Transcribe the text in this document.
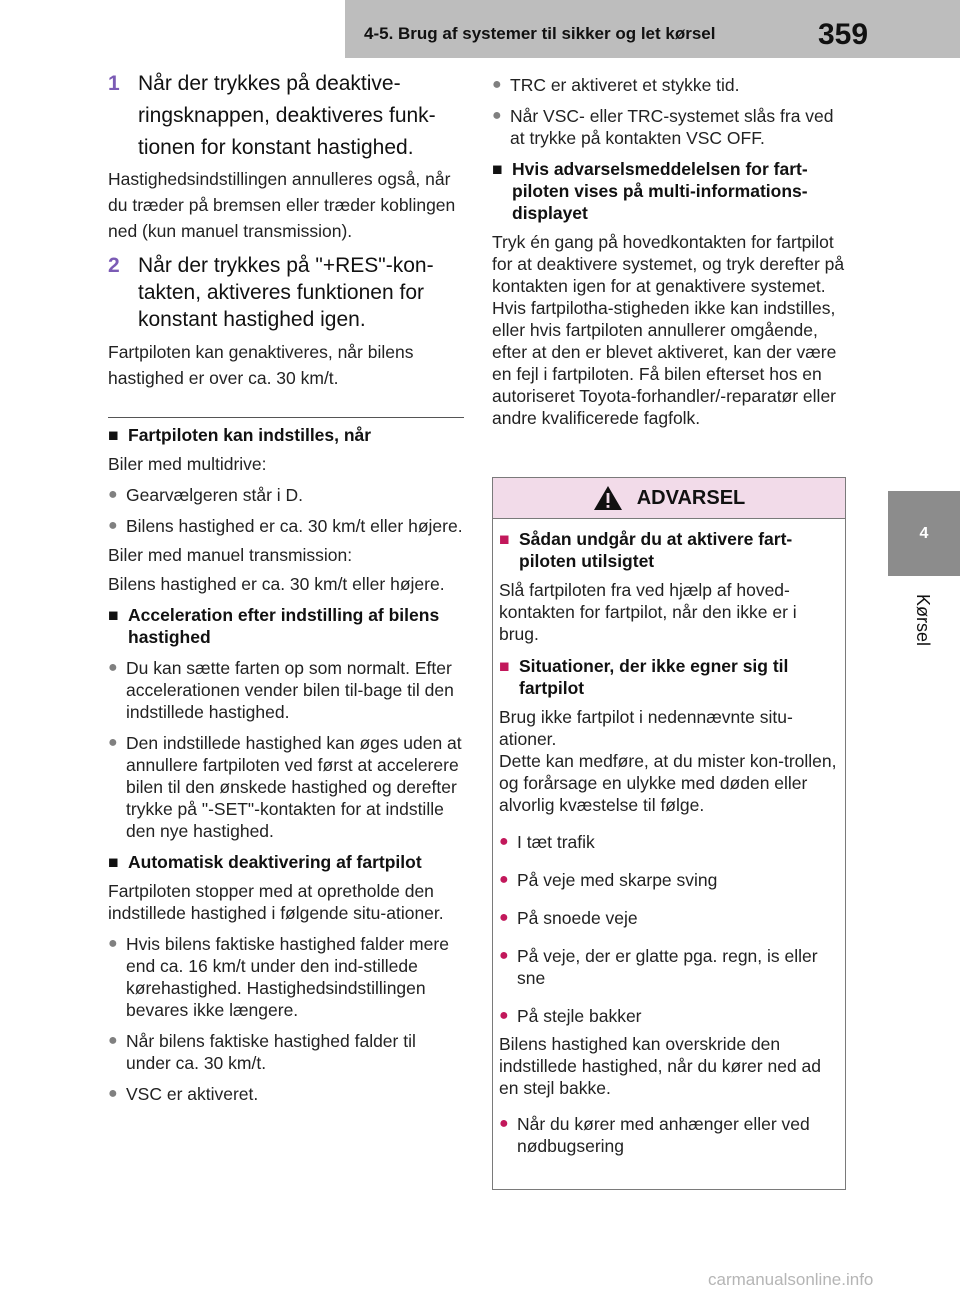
4-5. Brug af systemer til sikker og let kørsel	359
4
Kørsel
1 Når der trykkes på deaktive-ringsknappen, deaktiveres funk-tionen for konstant hastighed.
Hastighedsindstillingen annulleres også, når du træder på bremsen eller træder koblingen ned (kun manuel transmission).
2 Når der trykkes på "+RES"-kon-takten, aktiveres funktionen for konstant hastighed igen.
Fartpiloten kan genaktiveres, når bilens hastighed er over ca. 30 km/t.
■ Fartpiloten kan indstilles, når
Biler med multidrive:
● Gearvælgeren står i D.
● Bilens hastighed er ca. 30 km/t eller højere.
Biler med manuel transmission:
Bilens hastighed er ca. 30 km/t eller højere.
■ Acceleration efter indstilling af bilens hastighed
● Du kan sætte farten op som normalt. Efter accelerationen vender bilen til-bage til den indstillede hastighed.
● Den indstillede hastighed kan øges uden at annullere fartpiloten ved først at accelerere bilen til den ønskede hastighed og derefter trykke på "-SET"-kontakten for at indstille den nye hastighed.
■ Automatisk deaktivering af fartpilot
Fartpiloten stopper med at opretholde den indstillede hastighed i følgende situ-ationer.
● Hvis bilens faktiske hastighed falder mere end ca. 16 km/t under den ind-stillede kørehastighed. Hastighedsindstillingen bevares ikke længere.
● Når bilens faktiske hastighed falder til under ca. 30 km/t.
● VSC er aktiveret.
● TRC er aktiveret et stykke tid.
● Når VSC- eller TRC-systemet slås fra ved at trykke på kontakten VSC OFF.
■ Hvis advarselsmeddelelsen for fart-piloten vises på multi-informations-displayet
Tryk én gang på hovedkontakten for fartpilot for at deaktivere systemet, og tryk derefter på kontakten igen for at genaktivere systemet. Hvis fartpilotha-stigheden ikke kan indstilles, eller hvis fartpiloten annullerer omgående, efter at den er blevet aktiveret, kan der være en fejl i fartpiloten. Få bilen efterset hos en autoriseret Toyota-forhandler/-reparatør eller andre kvalificerede fagfolk.
ADVARSEL
■ Sådan undgår du at aktivere fart-piloten utilsigtet
Slå fartpiloten fra ved hjælp af hoved-kontakten for fartpilot, når den ikke er i brug.
■ Situationer, der ikke egner sig til fartpilot
Brug ikke fartpilot i nedennævnte situ-ationer.
Dette kan medføre, at du mister kon-trollen, og forårsage en ulykke med døden eller alvorlig kvæstelse til følge.
● I tæt trafik
● På veje med skarpe sving
● På snoede veje
● På veje, der er glatte pga. regn, is eller sne
● På stejle bakker
Bilens hastighed kan overskride den indstillede hastighed, når du kører ned ad en stejl bakke.
● Når du kører med anhænger eller ved nødbugsering
carmanualsonline.info
